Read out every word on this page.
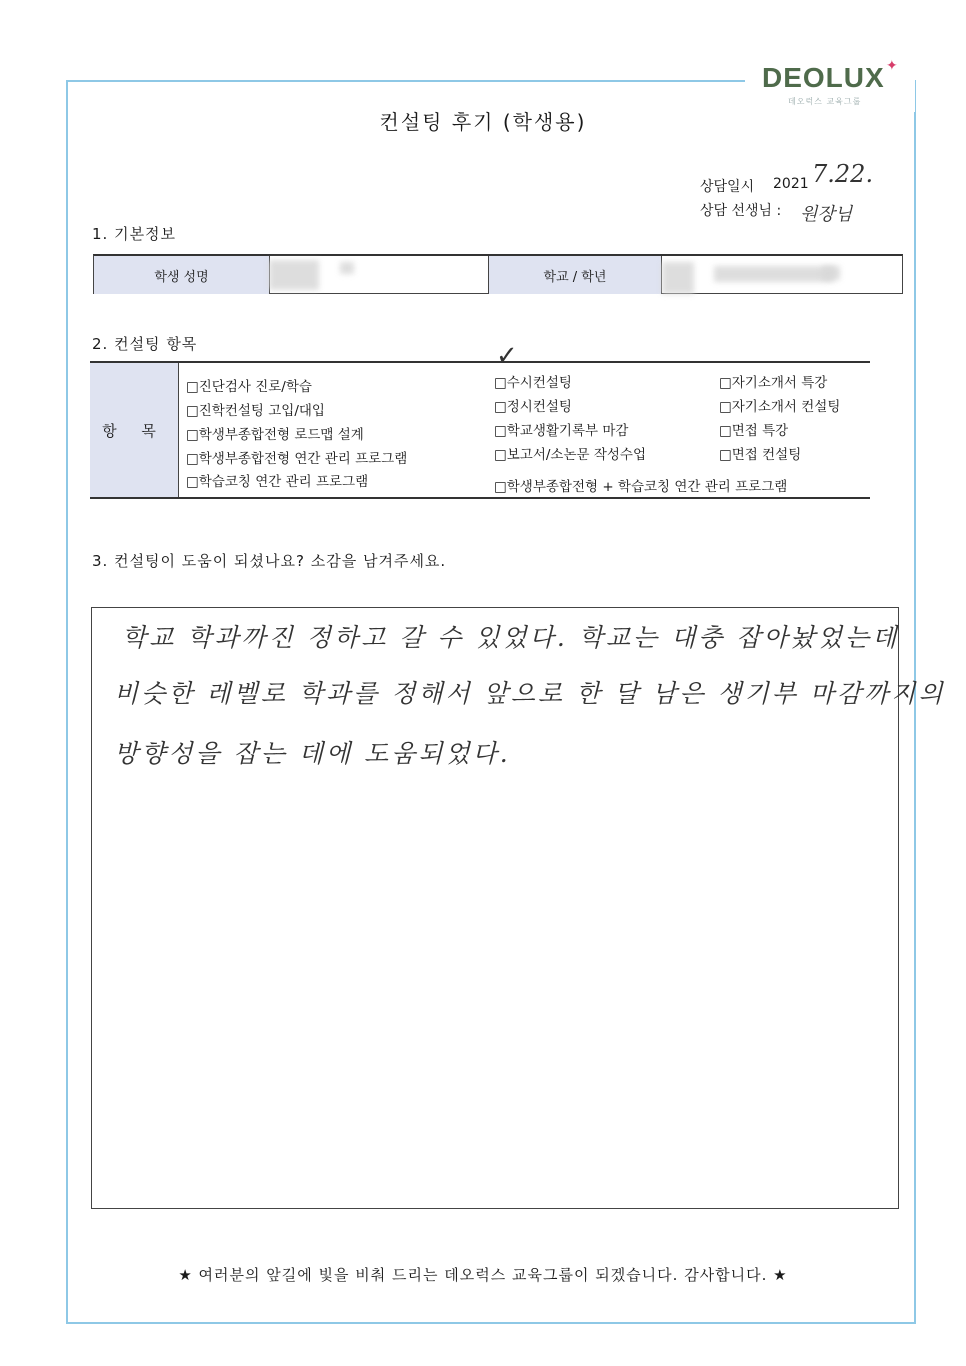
DEOLUX ✦
데오럭스 교육그룹
컨설팅 후기 (학생용)
상담일시 2021 7.22.
상담 선생님 : 원장님
1. 기본정보
학생 성명	학교 / 학년
2. 컨설팅 항목
항 목
□진단검사 진로/학습
□진학컨설팅 고입/대입
□학생부종합전형 로드맵 설계
□학생부종합전형 연간 관리 프로그램
□학습코칭 연간 관리 프로그램
□수시컨설팅
✓
□정시컨설팅
□학교생활기록부 마감
□보고서/소논문 작성수업
□학생부종합전형 + 학습코칭 연간 관리 프로그램
□자기소개서 특강
□자기소개서 컨설팅
□면접 특강
□면접 컨설팅
3. 컨설팅이 도움이 되셨나요? 소감을 남겨주세요.
학교 학과까진 정하고 갈 수 있었다. 학교는 대충 잡아놨었는데
비슷한 레벨로 학과를 정해서 앞으로 한 달 남은 생기부 마감까지의
방향성을 잡는 데에 도움되었다.
★ 여러분의 앞길에 빛을 비춰 드리는 데오럭스 교육그룹이 되겠습니다. 감사합니다. ★
